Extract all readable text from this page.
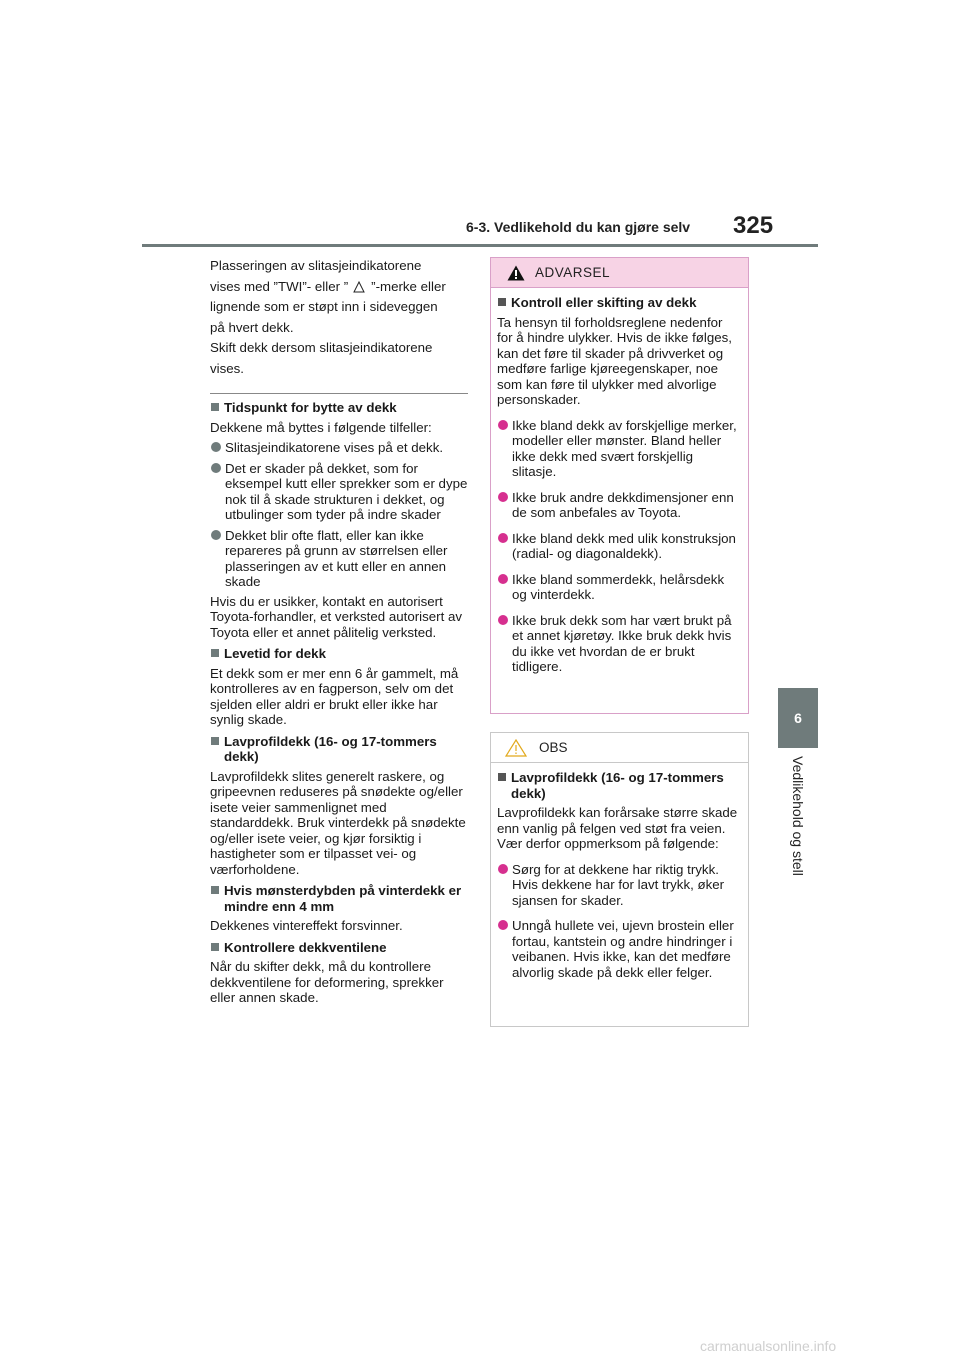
6-3. Vedlikehold du kan gjøre selv 325
6
Vedlikehold og stell

Plasseringen av slitasjeindikatorene

vises med ”TWI”- eller ” ”-merke eller

lignende som er støpt inn i sideveggen

på hvert dekk.

Skift dekk dersom slitasjeindikatorene

vises.

Tidspunkt for bytte av dekk

Dekkene må byttes i følgende tilfeller:

Slitasjeindikatorene vises på et dekk.
Det er skader på dekket, som for eksempel kutt eller sprekker som er dype nok til å skade strukturen i dekket, og utbulinger som tyder på indre skader
Dekket blir ofte flatt, eller kan ikke repareres på grunn av størrelsen eller plasseringen av et kutt eller en annen skade

Hvis du er usikker, kontakt en autorisert Toyota-forhandler, et verksted autorisert av Toyota eller et annet pålitelig verksted.

Levetid for dekk

Et dekk som er mer enn 6 år gammelt, må kontrolleres av en fagperson, selv om det sjelden eller aldri er brukt eller ikke har synlig skade.

Lavprofildekk (16- og 17-tommers dekk)

Lavprofildekk slites generelt raskere, og gripeevnen reduseres på snødekte og/eller isete veier sammenlignet med standarddekk. Bruk vinterdekk på snødekte og/eller isete veier, og kjør forsiktig i hastigheter som er tilpasset vei- og værforholdene.

Hvis mønsterdybden på vinterdekk er mindre enn 4 mm

Dekkenes vintereffekt forsvinner.

Kontrollere dekkventilene

Når du skifter dekk, må du kontrollere dekkventilene for deformering, sprekker eller annen skade.

ADVARSEL
Kontroll eller skifting av dekk

Ta hensyn til forholdsreglene nedenfor for å hindre ulykker. Hvis de ikke følges, kan det føre til skader på drivverket og medføre farlige kjøreegenskaper, noe som kan føre til ulykker med alvorlige personskader.

Ikke bland dekk av forskjellige merker, modeller eller mønster. Bland heller ikke dekk med svært forskjellig slitasje.
Ikke bruk andre dekkdimensjoner enn de som anbefales av Toyota.
Ikke bland dekk med ulik konstruksjon (radial- og diagonaldekk).
Ikke bland sommerdekk, helårsdekk og vinterdekk.
Ikke bruk dekk som har vært brukt på et annet kjøretøy. Ikke bruk dekk hvis du ikke vet hvordan de er brukt tidligere.
OBS
Lavprofildekk (16- og 17-tommers dekk)

Lavprofildekk kan forårsake større skade enn vanlig på felgen ved støt fra veien. Vær derfor oppmerksom på følgende:

Sørg for at dekkene har riktig trykk. Hvis dekkene har for lavt trykk, øker sjansen for skader.
Unngå hullete vei, ujevn brostein eller fortau, kantstein og andre hindringer i veibanen. Hvis ikke, kan det medføre alvorlig skade på dekk eller felger.
carmanualsonline.info
